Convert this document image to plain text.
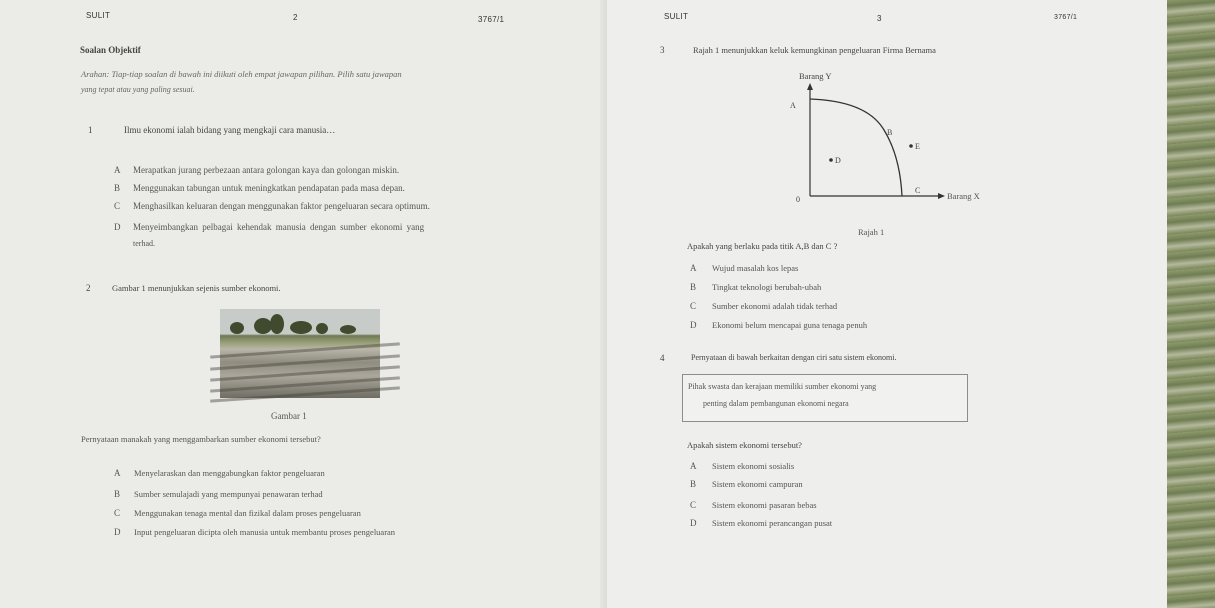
SULIT	2	3767/1
Soalan Objektif
Arahan: Tiap-tiap soalan di bawah ini diikuti oleh empat jawapan pilihan. Pilih satu jawapan
yang tepat atau yang paling sesuai.
1	Ilmu ekonomi ialah bidang yang mengkaji cara manusia…
A Merapatkan jurang perbezaan antara golongan kaya dan golongan miskin.
B Menggunakan tabungan untuk meningkatkan pendapatan pada masa depan.
C Menghasilkan keluaran dengan menggunakan faktor pengeluaran secara optimum.
D Menyeimbangkan pelbagai kehendak manusia dengan sumber ekonomi yang
terhad.
2	Gambar 1 menunjukkan sejenis sumber ekonomi.
Gambar 1
Pernyataan manakah yang menggambarkan sumber ekonomi tersebut?
A Menyelaraskan dan menggabungkan faktor pengeluaran
B Sumber semulajadi yang mempunyai penawaran terhad
C Menggunakan tenaga mental dan fizikal dalam proses pengeluaran
D Input pengeluaran dicipta oleh manusia untuk membantu proses pengeluaran
SULIT	3	3767/1
3	Rajah 1 menunjukkan keluk kemungkinan pengeluaran Firma Bernama
Barang Y
Barang X
0
A
B
C
D
E
Rajah 1
Apakah yang berlaku pada titik A,B dan C ?
A Wujud masalah kos lepas
B Tingkat teknologi berubah-ubah
C Sumber ekonomi adalah tidak terhad
D Ekonomi belum mencapai guna tenaga penuh
4	Pernyataan di bawah berkaitan dengan ciri satu sistem ekonomi.
Pihak swasta dan kerajaan memiliki sumber ekonomi yang
penting dalam pembangunan ekonomi negara
Apakah sistem ekonomi tersebut?
A Sistem ekonomi sosialis
B Sistem ekonomi campuran
C Sistem ekonomi pasaran bebas
D Sistem ekonomi perancangan pusat
